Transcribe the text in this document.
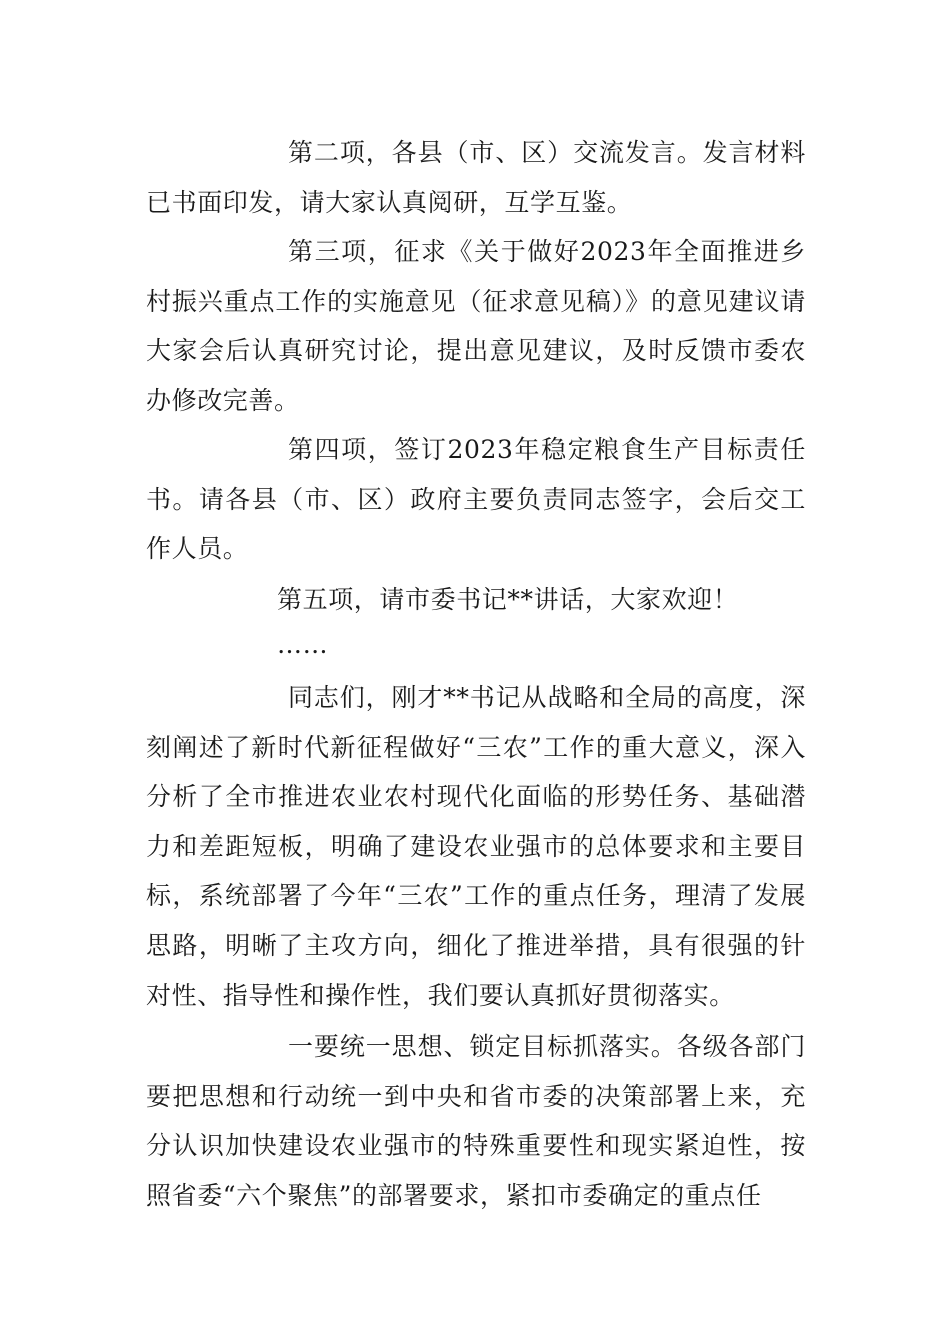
第二项，各县（市、区）交流发言。发言材料已书面印发，请大家认真阅研，互学互鉴。

第三项，征求《关于做好2023年全面推进乡村振兴重点工作的实施意见（征求意见稿）》的意见建议请大家会后认真研究讨论，提出意见建议，及时反馈市委农办修改完善。

第四项，签订2023年稳定粮食生产目标责任书。请各县（市、区）政府主要负责同志签字，会后交工作人员。

第五项，请市委书记**讲话，大家欢迎！

……

同志们，刚才**书记从战略和全局的高度，深刻阐述了新时代新征程做好“三农”工作的重大意义，深入分析了全市推进农业农村现代化面临的形势任务、基础潜力和差距短板，明确了建设农业强市的总体要求和主要目标，系统部署了今年“三农”工作的重点任务，理清了发展思路，明晰了主攻方向，细化了推进举措，具有很强的针对性、指导性和操作性，我们要认真抓好贯彻落实。

一要统一思想、锁定目标抓落实。各级各部门要把思想和行动统一到中央和省市委的决策部署上来，充分认识加快建设农业强市的特殊重要性和现实紧迫性，按照省委“六个聚焦”的部署要求，紧扣市委确定的重点任
